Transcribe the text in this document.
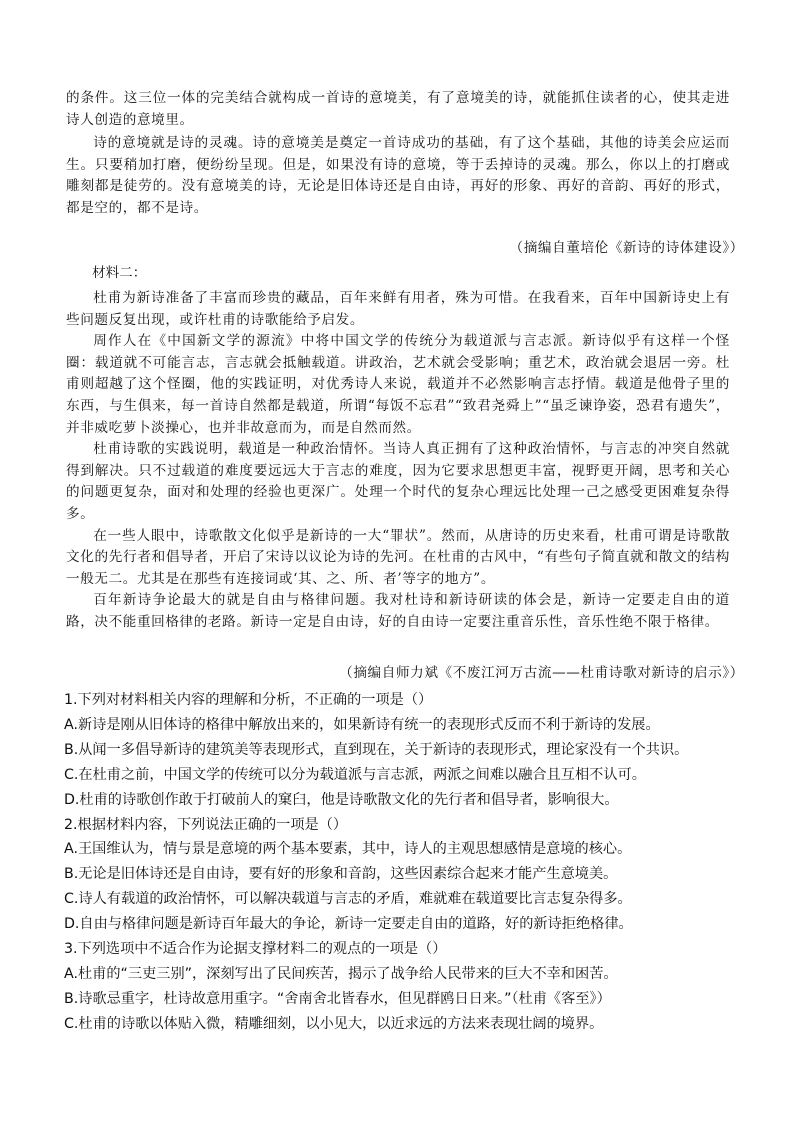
的条件。这三位一体的完美结合就构成一首诗的意境美，有了意境美的诗，就能抓住读者的心，使其走进诗人创造的意境里。

诗的意境就是诗的灵魂。诗的意境美是奠定一首诗成功的基础，有了这个基础，其他的诗美会应运而生。只要稍加打磨，便纷纷呈现。但是，如果没有诗的意境，等于丢掉诗的灵魂。那么，你以上的打磨或雕刻都是徒劳的。没有意境美的诗，无论是旧体诗还是自由诗，再好的形象、再好的音韵、再好的形式，都是空的，都不是诗。

（摘编自董培伦《新诗的诗体建设》）
材料二：

杜甫为新诗准备了丰富而珍贵的藏品，百年来鲜有用者，殊为可惜。在我看来，百年中国新诗史上有些问题反复出现，或许杜甫的诗歌能给予启发。

周作人在《中国新文学的源流》中将中国文学的传统分为载道派与言志派。新诗似乎有这样一个怪圈：载道就不可能言志，言志就会抵触载道。讲政治，艺术就会受影响；重艺术，政治就会退居一旁。杜甫则超越了这个怪圈，他的实践证明，对优秀诗人来说，载道并不必然影响言志抒情。载道是他骨子里的东西，与生俱来，每一首诗自然都是载道，所谓“每饭不忘君”“致君尧舜上”“虽乏谏诤姿，恐君有遗失”，并非威吃萝卜淡操心，也并非故意而为，而是自然而然。

杜甫诗歌的实践说明，载道是一种政治情怀。当诗人真正拥有了这种政治情怀，与言志的冲突自然就得到解决。只不过载道的难度要远远大于言志的难度，因为它要求思想更丰富，视野更开阔，思考和关心的问题更复杂，面对和处理的经验也更深广。处理一个时代的复杂心理远比处理一己之感受更困难复杂得多。

在一些人眼中，诗歌散文化似乎是新诗的一大“罪状”。然而，从唐诗的历史来看，杜甫可谓是诗歌散文化的先行者和倡导者，开启了宋诗以议论为诗的先河。在杜甫的古风中，“有些句子简直就和散文的结构一般无二。尤其是在那些有连接词或‘其、之、所、者’等字的地方”。

百年新诗争论最大的就是自由与格律问题。我对杜诗和新诗研读的体会是，新诗一定要走自由的道路，决不能重回格律的老路。新诗一定是自由诗，好的自由诗一定要注重音乐性，音乐性绝不限于格律。

（摘编自师力斌《不废江河万古流——杜甫诗歌对新诗的启示》）
1.下列对材料相关内容的理解和分析，不正确的一项是（）
A.新诗是刚从旧体诗的格律中解放出来的，如果新诗有统一的表现形式反而不利于新诗的发展。
B.从闻一多倡导新诗的建筑美等表现形式，直到现在，关于新诗的表现形式，理论家没有一个共识。
C.在杜甫之前，中国文学的传统可以分为载道派与言志派，两派之间难以融合且互相不认可。
D.杜甫的诗歌创作敢于打破前人的窠臼，他是诗歌散文化的先行者和倡导者，影响很大。
2.根据材料内容，下列说法正确的一项是（）
A.王国维认为，情与景是意境的两个基本要素，其中，诗人的主观思想感情是意境的核心。
B.无论是旧体诗还是自由诗，要有好的形象和音韵，这些因素综合起来才能产生意境美。
C.诗人有载道的政治情怀，可以解决载道与言志的矛盾，难就难在载道要比言志复杂得多。
D.自由与格律问题是新诗百年最大的争论，新诗一定要走自由的道路，好的新诗拒绝格律。
3.下列选项中不适合作为论据支撑材料二的观点的一项是（）
A.杜甫的“三吏三别”，深刻写出了民间疾苦，揭示了战争给人民带来的巨大不幸和困苦。
B.诗歌忌重字，杜诗故意用重字。“舍南舍北皆春水，但见群鸥日日来。”（杜甫《客至》）
C.杜甫的诗歌以体贴入微，精雕细刻，以小见大，以近求远的方法来表现壮阔的境界。
